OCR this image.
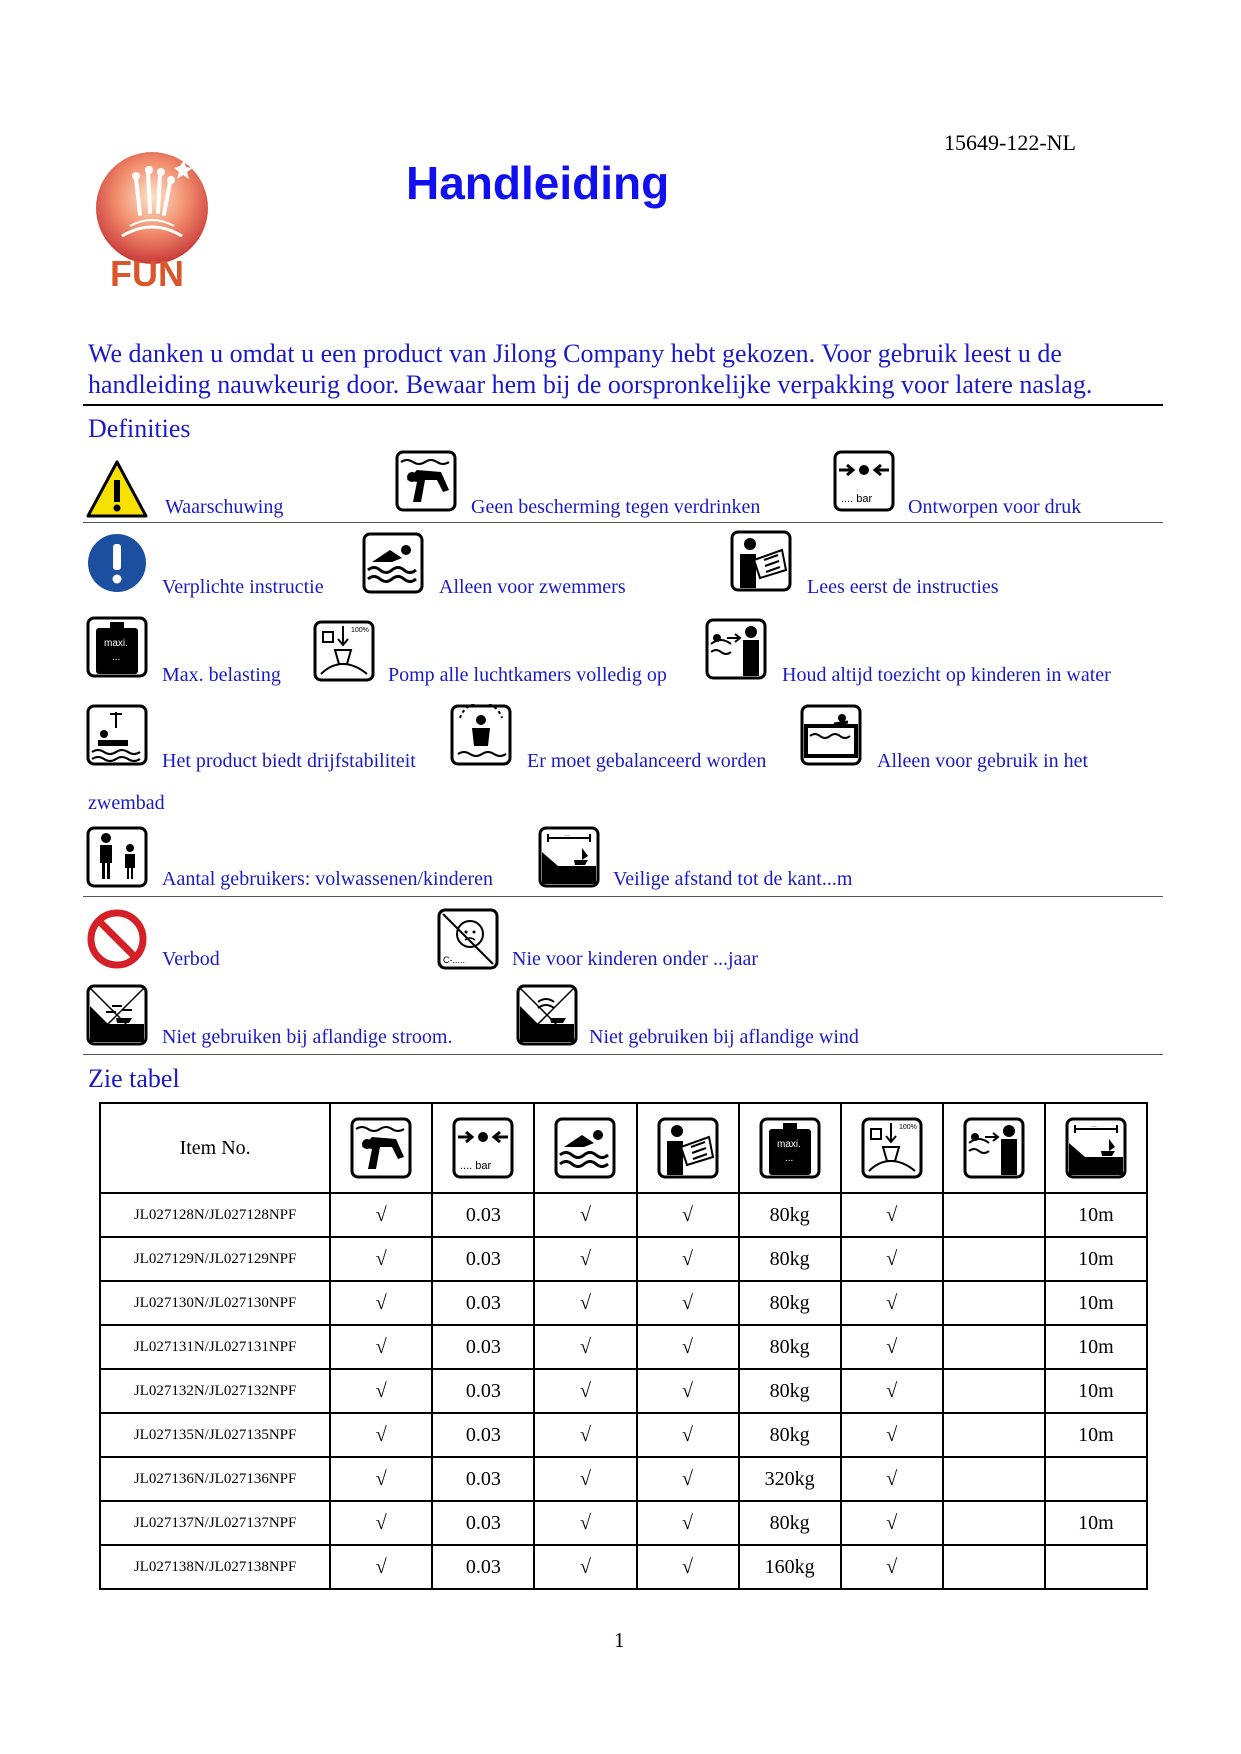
15649-122-NL
FUN
Handleiding
We danken u omdat u een product van Jilong Company hebt gekozen. Voor gebruik leest u de handleiding nauwkeurig door. Bewaar hem bij de oorspronkelijke verpakking voor latere naslag.
Definities
Waarschuwing	Geen bescherming tegen verdrinken	Ontworpen voor druk
Verplichte instructie	Alleen voor zwemmers	Lees eerst de instructies
Max. belasting	Pomp alle luchtkamers volledig op	Houd altijd toezicht op kinderen in water
Het product biedt drijfstabiliteit	Er moet gebalanceerd worden	Alleen voor gebruik in het
zwembad
Aantal gebruikers: volwassenen/kinderen	Veilige afstand tot de kant...m
Verbod	Nie voor kinderen onder ...jaar
Niet gebruiken bij aflandige stroom.	Niet gebruiken bij aflandige wind
Zie tabel
Item No.								
JL027128N/JL027128NPF	√	0.03	√	√	80kg	√		10m
JL027129N/JL027129NPF	√	0.03	√	√	80kg	√		10m
JL027130N/JL027130NPF	√	0.03	√	√	80kg	√		10m
JL027131N/JL027131NPF	√	0.03	√	√	80kg	√		10m
JL027132N/JL027132NPF	√	0.03	√	√	80kg	√		10m
JL027135N/JL027135NPF	√	0.03	√	√	80kg	√		10m
JL027136N/JL027136NPF	√	0.03	√	√	320kg	√		
JL027137N/JL027137NPF	√	0.03	√	√	80kg	√		10m
JL027138N/JL027138NPF	√	0.03	√	√	160kg	√		
1
